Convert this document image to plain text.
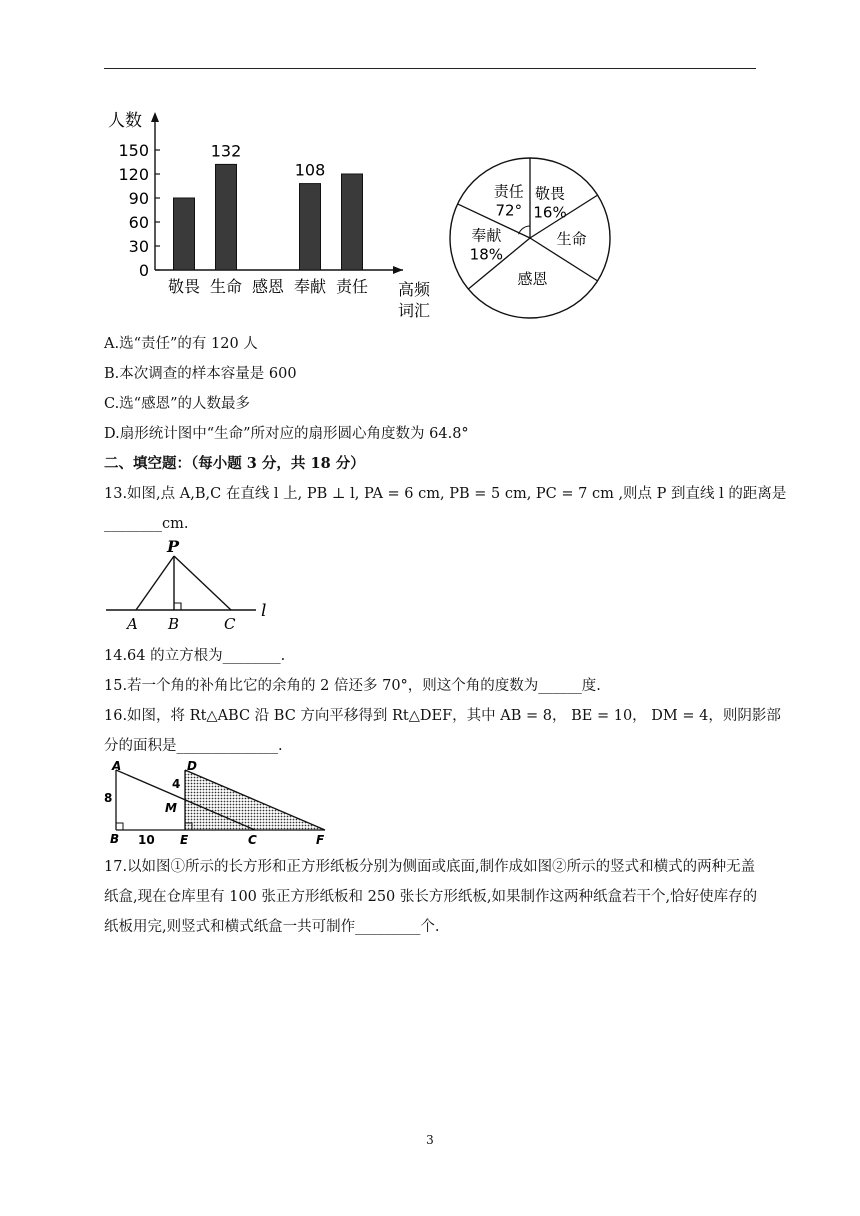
人数
0
30
60
90
120
150
高频
词汇
敬畏
132
生命 感恩
108
奉献 责任
敬畏
16%
生命
感恩
奉献
18%
责任
72°
A.选“责任”的有 120 人
B.本次调查的样本容量是 600
C.选“感恩”的人数最多
D.扇形统计图中“生命”所对应的扇形圆心角度数为 64.8°
二、填空题：（每小题 3 分，共 18 分）
13.如图,点 A,B,C 在直线 l 上, PB ⊥ l, PA = 6 cm, PB = 5 cm, PC = 7 cm ,则点 P 到直线 l 的距离是
________cm.
P
A B	C
l
14.64 的立方根为________.
15.若一个角的补角比它的余角的 2 倍还多 70°，则这个角的度数为______度.
16.如图，将 Rt△ABC 沿 BC 方向平移得到 Rt△DEF，其中 AB = 8， BE = 10， DM = 4，则阴影部
分的面积是______________.
A
8
B 10
D
4
M
E	C	F
17.以如图①所示的长方形和正方形纸板分别为侧面或底面,制作成如图②所示的竖式和横式的两种无盖纸盒,现在仓库里有 100 张正方形纸板和 250 张长方形纸板,如果制作这两种纸盒若干个,恰好使库存的纸板用完,则竖式和横式纸盒一共可制作_________个.
3
